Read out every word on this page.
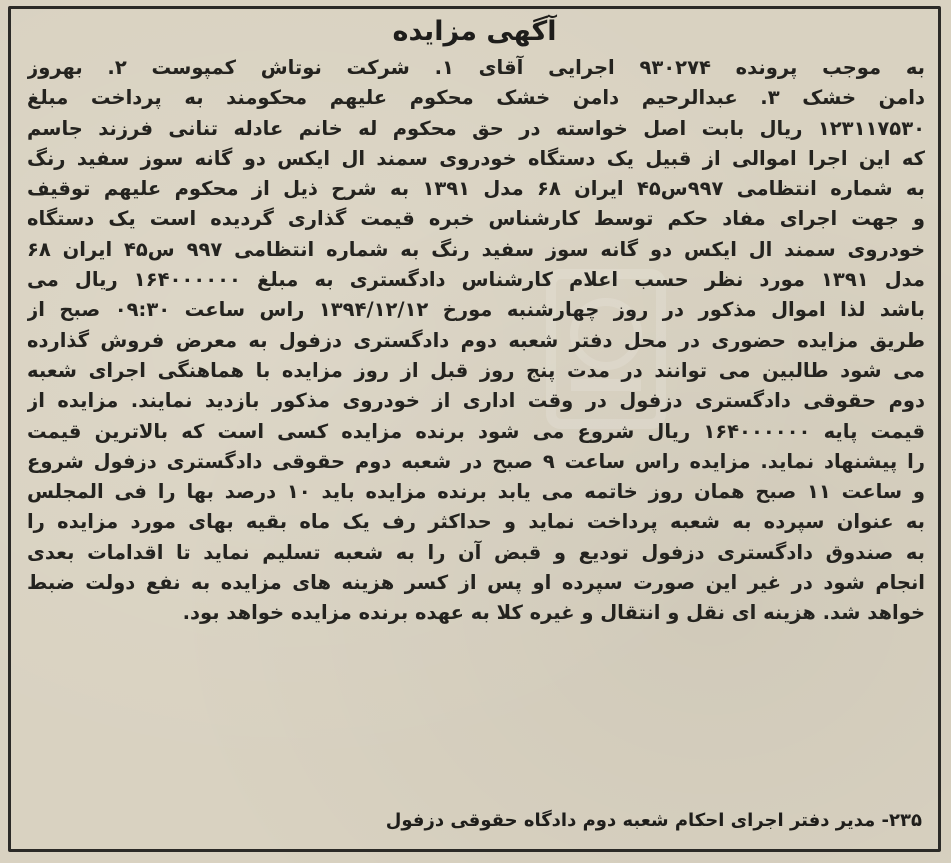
آگهی مزایده
به موجب پرونده ۹۳۰۲۷۴ اجرایی آقای ۱. شرکت نوتاش کمپوست ۲. بهروز
دامن خشک ۳. عبدالرحیم دامن خشک محکوم علیهم محکومند به پرداخت مبلغ
۱۲۳۱۱۷۵۳۰ ریال بابت اصل خواسته در حق محکوم له خانم عادله تنانی فرزند جاسم
که این اجرا اموالی از قبیل یک دستگاه خودروی سمند ال ایکس دو گانه سوز سفید رنگ
به شماره انتظامی ۹۹۷س۴۵ ایران ۶۸ مدل ۱۳۹۱ به شرح ذیل از محکوم علیهم توقیف
و جهت اجرای مفاد حکم توسط کارشناس خبره قیمت گذاری گردیده است یک دستگاه
خودروی سمند ال ایکس دو گانه سوز سفید رنگ به شماره انتظامی ۹۹۷ س۴۵ ایران ۶۸
مدل ۱۳۹۱ مورد نظر حسب اعلام کارشناس دادگستری به مبلغ ۱۶۴۰۰۰۰۰۰ ریال می
باشد لذا اموال مذکور در روز چهارشنبه مورخ ۱۳۹۴/۱۲/۱۲ راس ساعت ۰۹:۳۰ صبح از
طریق مزایده حضوری در محل دفتر شعبه دوم دادگستری دزفول به معرض فروش گذارده
می شود طالبین می توانند در مدت پنج روز قبل از روز مزایده با هماهنگی اجرای شعبه
دوم حقوقی دادگستری دزفول در وقت اداری از خودروی مذکور بازدید نمایند. مزایده از
قیمت پایه ۱۶۴۰۰۰۰۰۰ ریال شروع می شود برنده مزایده کسی است که بالاترین قیمت
را پیشنهاد نماید. مزایده راس ساعت ۹ صبح در شعبه دوم حقوقی دادگستری دزفول شروع
و ساعت ۱۱ صبح همان روز خاتمه می یابد برنده مزایده باید ۱۰ درصد بها را فی المجلس
به عنوان سپرده به شعبه پرداخت نماید و حداکثر رف یک ماه بقیه بهای مورد مزایده را
به صندوق دادگستری دزفول تودیع و قبض آن را به شعبه تسلیم نماید تا اقدامات بعدی
انجام شود در غیر این صورت سپرده او پس از کسر هزینه های مزایده به نفع دولت ضبط
خواهد شد. هزینه ای نقل و انتقال و غیره کلا به عهده برنده مزایده خواهد بود.
۲۳۵- مدیر دفتر اجرای احکام شعبه دوم دادگاه حقوقی دزفول
